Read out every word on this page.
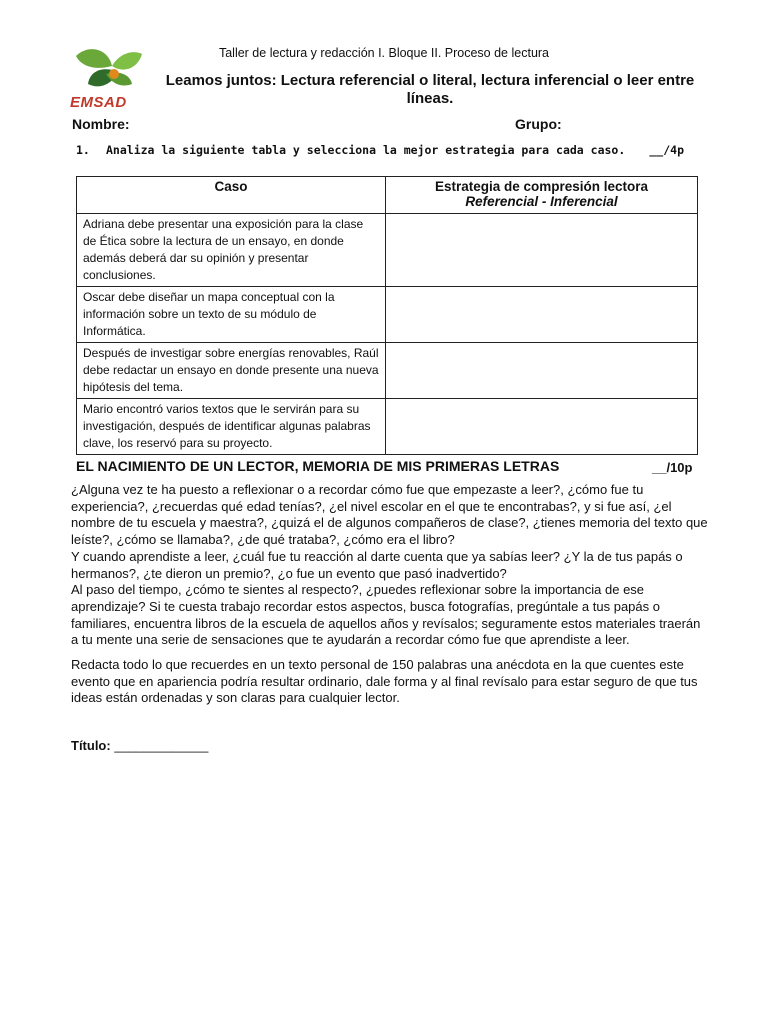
EMSAD
Taller de lectura y redacción I. Bloque II. Proceso de lectura
Leamos juntos: Lectura referencial o literal, lectura inferencial o leer entre líneas.
Nombre:	Grupo:
1. Analiza la siguiente tabla y selecciona la mejor estrategia para cada caso. __/4p
Caso	Estrategia de compresión lectora
Referencial - Inferencial

Adriana debe presentar una exposición para la clase de Ética sobre la lectura de un ensayo, en donde además deberá dar su opinión y presentar conclusiones.	
Oscar debe diseñar un mapa conceptual con la información sobre un texto de su módulo de Informática.	
Después de investigar sobre energías renovables, Raúl debe redactar un ensayo en donde presente una nueva hipótesis del tema.	
Mario encontró varios textos que le servirán para su investigación, después de identificar algunas palabras clave, los reservó para su proyecto.	
EL NACIMIENTO DE UN LECTOR, MEMORIA DE MIS PRIMERAS LETRAS	__/10p

¿Alguna vez te ha puesto a reflexionar o a recordar cómo fue que empezaste a leer?, ¿cómo fue tu experiencia?, ¿recuerdas qué edad tenías?, ¿el nivel escolar en el que te encontrabas?, y si fue así, ¿el nombre de tu escuela y maestra?, ¿quizá el de algunos compañeros de clase?, ¿tienes memoria del texto que leíste?, ¿cómo se llamaba?, ¿de qué trataba?, ¿cómo era el libro?

Y cuando aprendiste a leer, ¿cuál fue tu reacción al darte cuenta que ya sabías leer? ¿Y la de tus papás o hermanos?, ¿te dieron un premio?, ¿o fue un evento que pasó inadvertido?

Al paso del tiempo, ¿cómo te sientes al respecto?, ¿puedes reflexionar sobre la importancia de ese aprendizaje? Si te cuesta trabajo recordar estos aspectos, busca fotografías, pregúntale a tus papás o familiares, encuentra libros de la escuela de aquellos años y revísalos; seguramente estos materiales traerán a tu mente una serie de sensaciones que te ayudarán a recordar cómo fue que aprendiste a leer.

Redacta todo lo que recuerdes en un texto personal de 150 palabras una anécdota en la que cuentes este evento que en apariencia podría resultar ordinario, dale forma y al final revísalo para estar seguro de que tus ideas están ordenadas y son claras para cualquier lector.

Título: _____________
